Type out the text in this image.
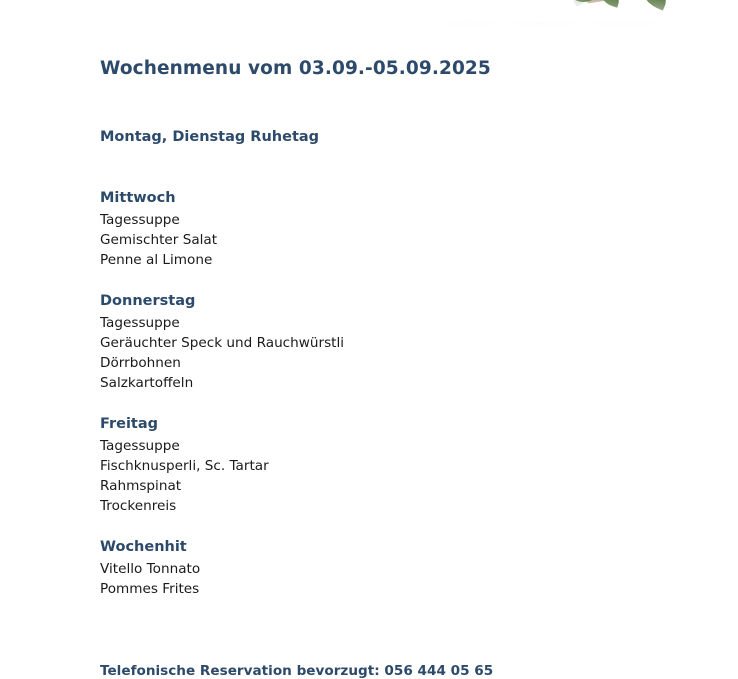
Wochenmenu vom 03.09.-05.09.2025
Montag, Dienstag Ruhetag
Mittwoch
Tagessuppe
Gemischter Salat
Penne al Limone
Donnerstag
Tagessuppe
Geräuchter Speck und Rauchwürstli
Dörrbohnen
Salzkartoffeln
Freitag
Tagessuppe
Fischknusperli, Sc. Tartar
Rahmspinat
Trockenreis
Wochenhit
Vitello Tonnato
Pommes Frites
Telefonische Reservation bevorzugt: 056 444 05 65
